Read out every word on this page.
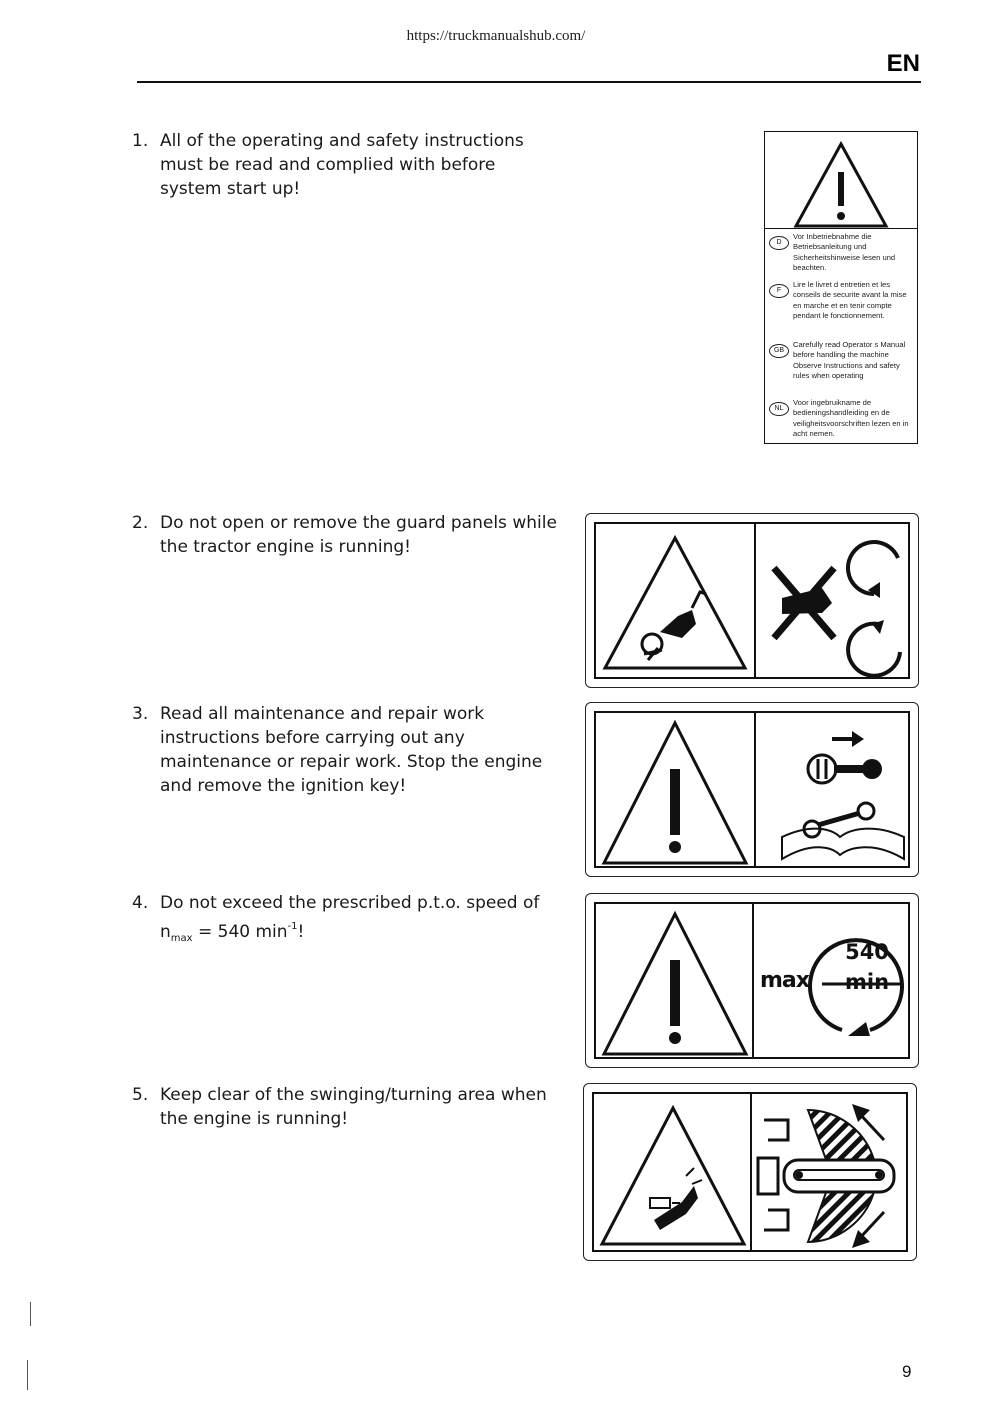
https://truckmanualshub.com/
EN
1. All of the operating and safety instructions must be read and complied with before system start up!
D
Vor Inbetriebnahme die Betriebsanleitung und Sicherheitshinweise lesen und beachten.
F
Lire le livret d entretien et les conseils de securite avant la mise en marche et en tenir compte pendant le fonctionnement.
GB
Carefully read Operator s Manual before handling the machine Observe Instructions and safety rules when operating
NL
Voor ingebruikname de bedieningshandleiding en de veiligheitsvoorschriften lezen en in acht nemen.
2. Do not open or remove the guard panels while the tractor engine is running!
3. Read all maintenance and repair work instructions before carrying out any maintenance or repair work. Stop the engine and remove the ignition key!
4. Do not exceed the prescribed p.t.o. speed of
$n_{max} = 540$ $\min^{-1}$!
max
540
min
5. Keep clear of the swinging/turning area when the engine is running!
9
